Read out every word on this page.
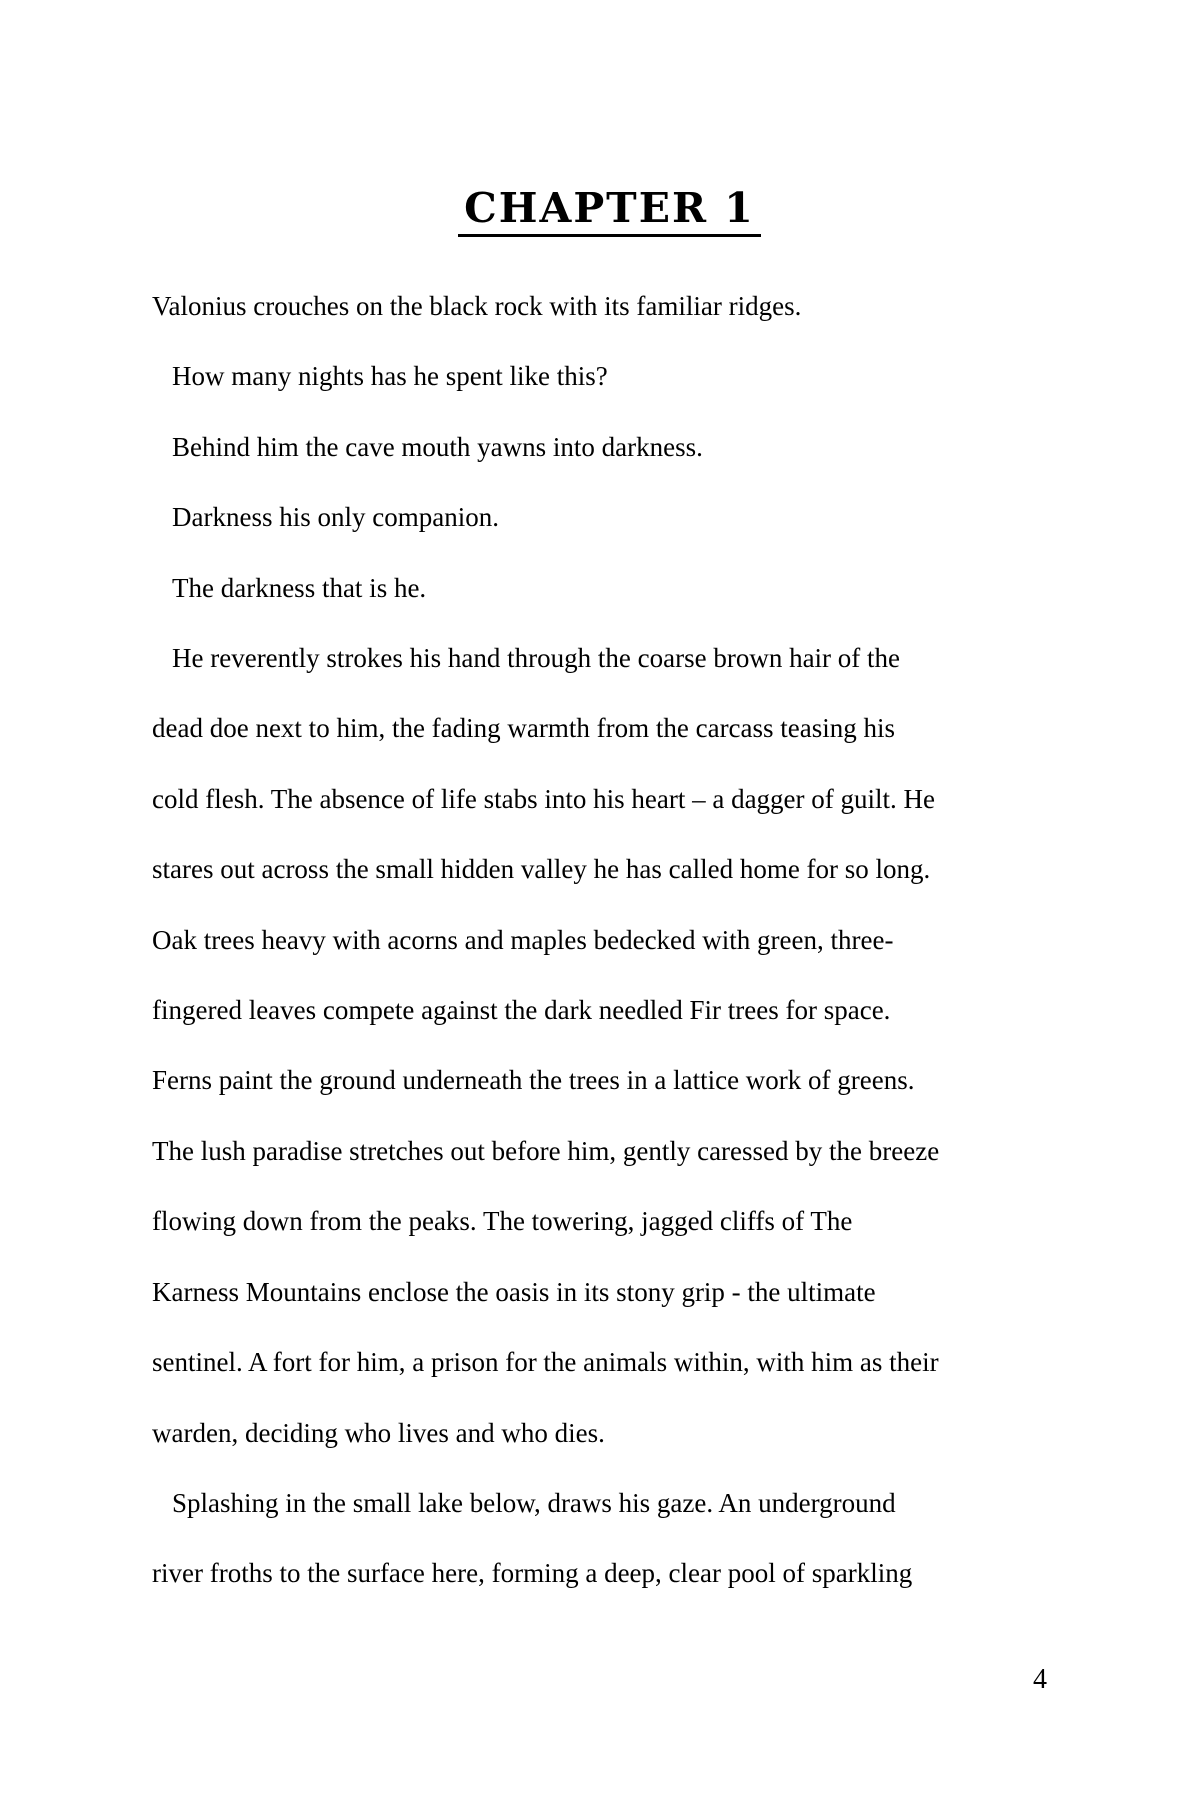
CHAPTER 1
Valonius crouches on the black rock with its familiar ridges.
How many nights has he spent like this?
Behind him the cave mouth yawns into darkness.
Darkness his only companion.
The darkness that is he.
He reverently strokes his hand through the coarse brown hair of the
dead doe next to him, the fading warmth from the carcass teasing his
cold flesh. The absence of life stabs into his heart – a dagger of guilt. He
stares out across the small hidden valley he has called home for so long.
Oak trees heavy with acorns and maples bedecked with green, three-
fingered leaves compete against the dark needled Fir trees for space.
Ferns paint the ground underneath the trees in a lattice work of greens.
The lush paradise stretches out before him, gently caressed by the breeze
flowing down from the peaks. The towering, jagged cliffs of The
Karness Mountains enclose the oasis in its stony grip - the ultimate
sentinel. A fort for him, a prison for the animals within, with him as their
warden, deciding who lives and who dies.
Splashing in the small lake below, draws his gaze. An underground
river froths to the surface here, forming a deep, clear pool of sparkling
4
